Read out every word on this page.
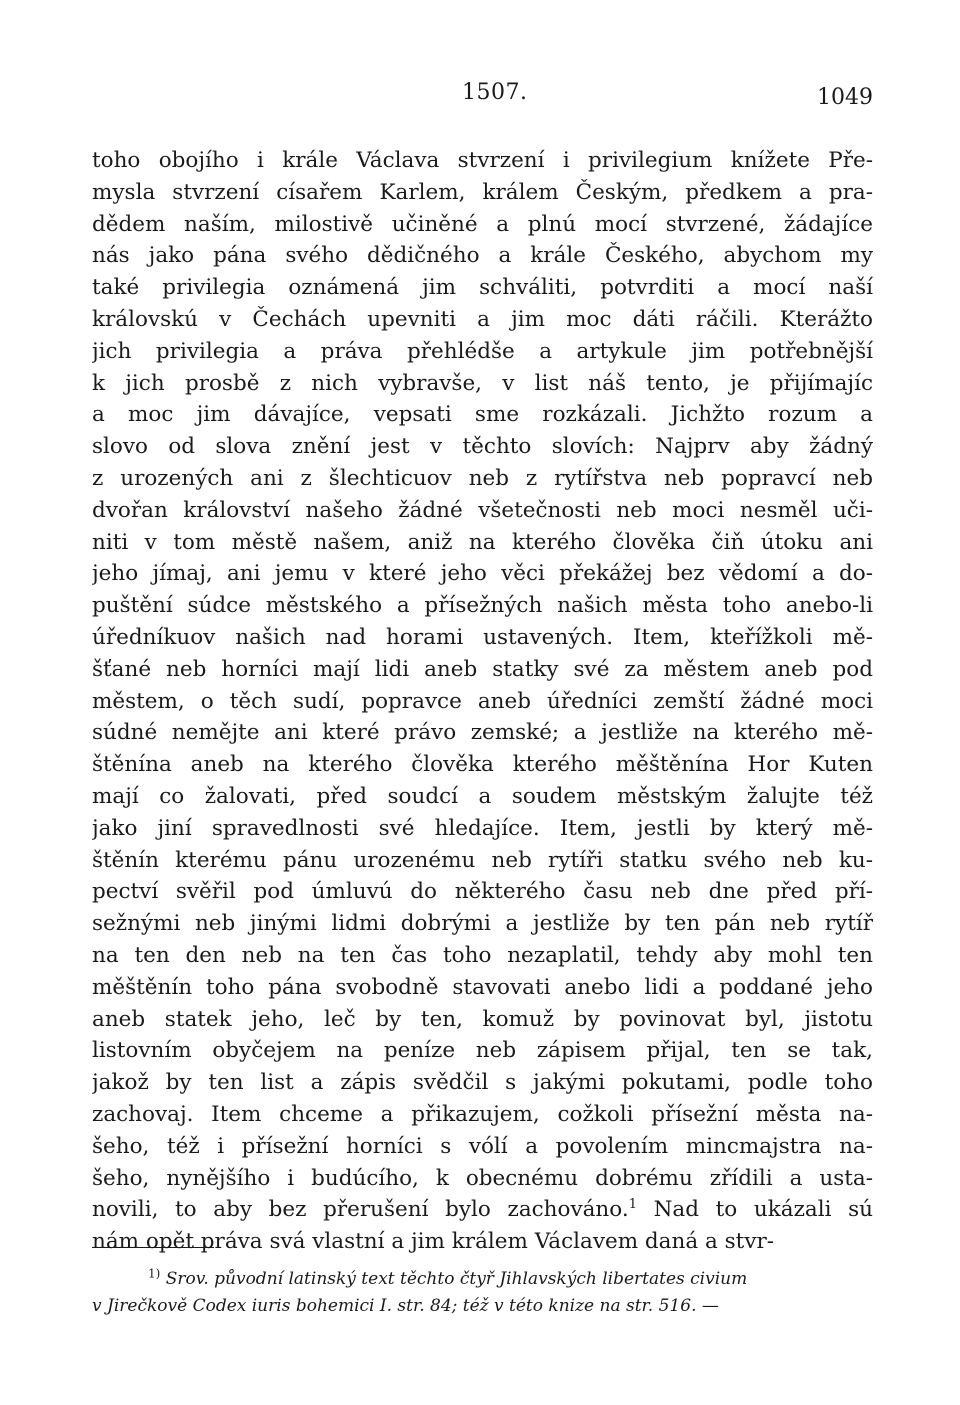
1507.	1049
toho obojího i krále Václava stvrzení i privilegium knížete Pře-
mysla stvrzení císařem Karlem, králem Českým, předkem a pra-
dědem naším, milostivě učiněné a plnú mocí stvrzené, žádajíce
nás jako pána svého dědičného a krále Českého, abychom my
také privilegia oznámená jim schváliti, potvrditi a mocí naší
královskú v Čechách upevniti a jim moc dáti ráčili. Kterážto
jich privilegia a práva přehlédše a artykule jim potřebnější
k jich prosbě z nich vybravše, v list náš tento, je přijímajíc
a moc jim dávajíce, vepsati sme rozkázali. Jichžto rozum a
slovo od slova znění jest v těchto slovích: Najprv aby žádný
z urozených ani z šlechticuov neb z rytířstva neb popravcí neb
dvořan království našeho žádné všetečnosti neb moci nesměl uči-
niti v tom městě našem, aniž na kterého člověka čiň útoku ani
jeho jímaj, ani jemu v které jeho věci překážej bez vědomí a do-
puštění súdce městského a přísežných našich města toho anebo-li
úředníkuov našich nad horami ustavených. Item, kteřížkoli mě-
šťané neb horníci mají lidi aneb statky své za městem aneb pod
městem, o těch sudí, popravce aneb úředníci zemští žádné moci
súdné nemějte ani které právo zemské; a jestliže na kterého mě-
štěnína aneb na kterého člověka kterého měštěnína Hor Kuten
mají co žalovati, před soudcí a soudem městským žalujte též
jako jiní spravedlnosti své hledajíce. Item, jestli by který mě-
štěnín kterému pánu urozenému neb rytíři statku svého neb ku-
pectví svěřil pod úmluvú do některého času neb dne před pří-
sežnými neb jinými lidmi dobrými a jestliže by ten pán neb rytíř
na ten den neb na ten čas toho nezaplatil, tehdy aby mohl ten
měštěnín toho pána svobodně stavovati anebo lidi a poddané jeho
aneb statek jeho, leč by ten, komuž by povinovat byl, jistotu
listovním obyčejem na peníze neb zápisem přijal, ten se tak,
jakož by ten list a zápis svědčil s jakými pokutami, podle toho
zachovaj. Item chceme a přikazujem, cožkoli přísežní města na-
šeho, též i přísežní horníci s vólí a povolením mincmajstra na-
šeho, nynějšího i budúcího, k obecnému dobrému zřídili a usta-
novili, to aby bez přerušení bylo zachováno.$^1$ Nad to ukázali sú
nám opět práva svá vlastní a jim králem Václavem daná a stvr-
$^{1)}$ Srov. původní latinský text těchto čtyř Jihlavských libertates civium
v Jirečkově Codex iuris bohemici I. str. 84; též v této knize na str. 516. —
